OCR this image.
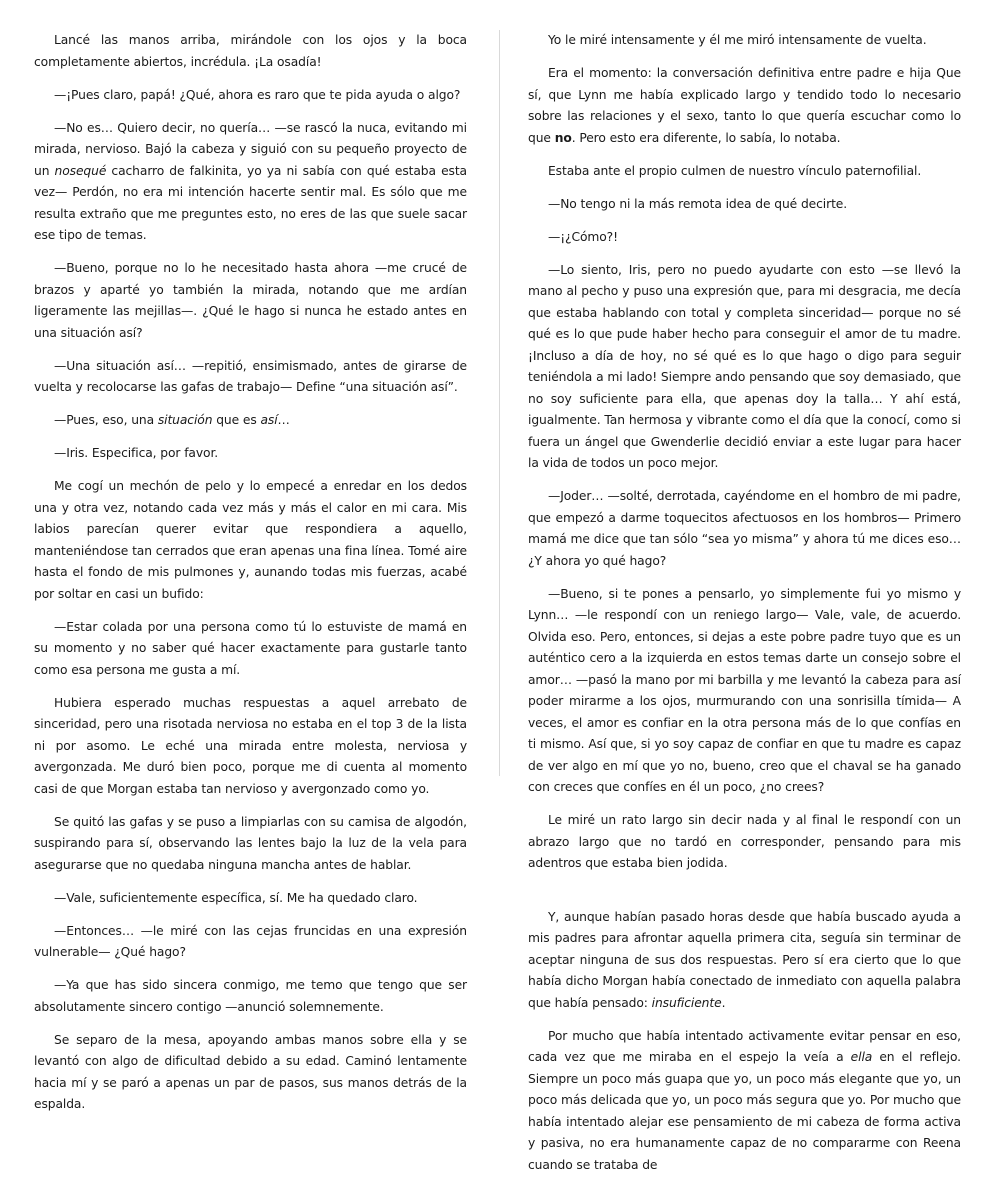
Lancé las manos arriba, mirándole con los ojos y la boca completamente abiertos, incrédula. ¡La osadía!

—¡Pues claro, papá! ¿Qué, ahora es raro que te pida ayuda o algo?

—No es… Quiero decir, no quería… —se rascó la nuca, evitando mi mirada, nervioso. Bajó la cabeza y siguió con su pequeño proyecto de un nosequé cacharro de falkinita, yo ya ni sabía con qué estaba esta vez— Perdón, no era mi intención hacerte sentir mal. Es sólo que me resulta extraño que me preguntes esto, no eres de las que suele sacar ese tipo de temas.

—Bueno, porque no lo he necesitado hasta ahora —me crucé de brazos y aparté yo también la mirada, notando que me ardían ligeramente las mejillas—. ¿Qué le hago si nunca he estado antes en una situación así?

—Una situación así… —repitió, ensimismado, antes de girarse de vuelta y recolocarse las gafas de trabajo— Define “una situación así”.

—Pues, eso, una situación que es así…

—Iris. Especifica, por favor.

Me cogí un mechón de pelo y lo empecé a enredar en los dedos una y otra vez, notando cada vez más y más el calor en mi cara. Mis labios parecían querer evitar que respondiera a aquello, manteniéndose tan cerrados que eran apenas una fina línea. Tomé aire hasta el fondo de mis pulmones y, aunando todas mis fuerzas, acabé por soltar en casi un bufido:

—Estar colada por una persona como tú lo estuviste de mamá en su momento y no saber qué hacer exactamente para gustarle tanto como esa persona me gusta a mí.

Hubiera esperado muchas respuestas a aquel arrebato de sinceridad, pero una risotada nerviosa no estaba en el top 3 de la lista ni por asomo. Le eché una mirada entre molesta, nerviosa y avergonzada. Me duró bien poco, porque me di cuenta al momento casi de que Morgan estaba tan nervioso y avergonzado como yo.

Se quitó las gafas y se puso a limpiarlas con su camisa de algodón, suspirando para sí, observando las lentes bajo la luz de la vela para asegurarse que no quedaba ninguna mancha antes de hablar.

—Vale, suficientemente específica, sí. Me ha quedado claro.

—Entonces… —le miré con las cejas fruncidas en una expresión vulnerable— ¿Qué hago?

—Ya que has sido sincera conmigo, me temo que tengo que ser absolutamente sincero contigo —anunció solemnemente.

Se separo de la mesa, apoyando ambas manos sobre ella y se levantó con algo de dificultad debido a su edad. Caminó lentamente hacia mí y se paró a apenas un par de pasos, sus manos detrás de la espalda.

Yo le miré intensamente y él me miró intensamente de vuelta.

Era el momento: la conversación definitiva entre padre e hija Que sí, que Lynn me había explicado largo y tendido todo lo necesario sobre las relaciones y el sexo, tanto lo que quería escuchar como lo que no. Pero esto era diferente, lo sabía, lo notaba.

Estaba ante el propio culmen de nuestro vínculo paternofilial.

—No tengo ni la más remota idea de qué decirte.

—¡¿Cómo?!

—Lo siento, Iris, pero no puedo ayudarte con esto —se llevó la mano al pecho y puso una expresión que, para mi desgracia, me decía que estaba hablando con total y completa sinceridad— porque no sé qué es lo que pude haber hecho para conseguir el amor de tu madre. ¡Incluso a día de hoy, no sé qué es lo que hago o digo para seguir teniéndola a mi lado! Siempre ando pensando que soy demasiado, que no soy suficiente para ella, que apenas doy la talla… Y ahí está, igualmente. Tan hermosa y vibrante como el día que la conocí, como si fuera un ángel que Gwenderlie decidió enviar a este lugar para hacer la vida de todos un poco mejor.

—Joder… —solté, derrotada, cayéndome en el hombro de mi padre, que empezó a darme toquecitos afectuosos en los hombros— Primero mamá me dice que tan sólo “sea yo misma” y ahora tú me dices eso… ¿Y ahora yo qué hago?

—Bueno, si te pones a pensarlo, yo simplemente fui yo mismo y Lynn… —le respondí con un reniego largo— Vale, vale, de acuerdo. Olvida eso. Pero, entonces, si dejas a este pobre padre tuyo que es un auténtico cero a la izquierda en estos temas darte un consejo sobre el amor… —pasó la mano por mi barbilla y me levantó la cabeza para así poder mirarme a los ojos, murmurando con una sonrisilla tímida— A veces, el amor es confiar en la otra persona más de lo que confías en ti mismo. Así que, si yo soy capaz de confiar en que tu madre es capaz de ver algo en mí que yo no, bueno, creo que el chaval se ha ganado con creces que confíes en él un poco, ¿no crees?

Le miré un rato largo sin decir nada y al final le respondí con un abrazo largo que no tardó en corresponder, pensando para mis adentros que estaba bien jodida.

Y, aunque habían pasado horas desde que había buscado ayuda a mis padres para afrontar aquella primera cita, seguía sin terminar de aceptar ninguna de sus dos respuestas. Pero sí era cierto que lo que había dicho Morgan había conectado de inmediato con aquella palabra que había pensado: insuficiente.

Por mucho que había intentado activamente evitar pensar en eso, cada vez que me miraba en el espejo la veía a ella en el reflejo. Siempre un poco más guapa que yo, un poco más elegante que yo, un poco más delicada que yo, un poco más segura que yo. Por mucho que había intentado alejar ese pensamiento de mi cabeza de forma activa y pasiva, no era humanamente capaz de no compararme con Reena cuando se trataba de
